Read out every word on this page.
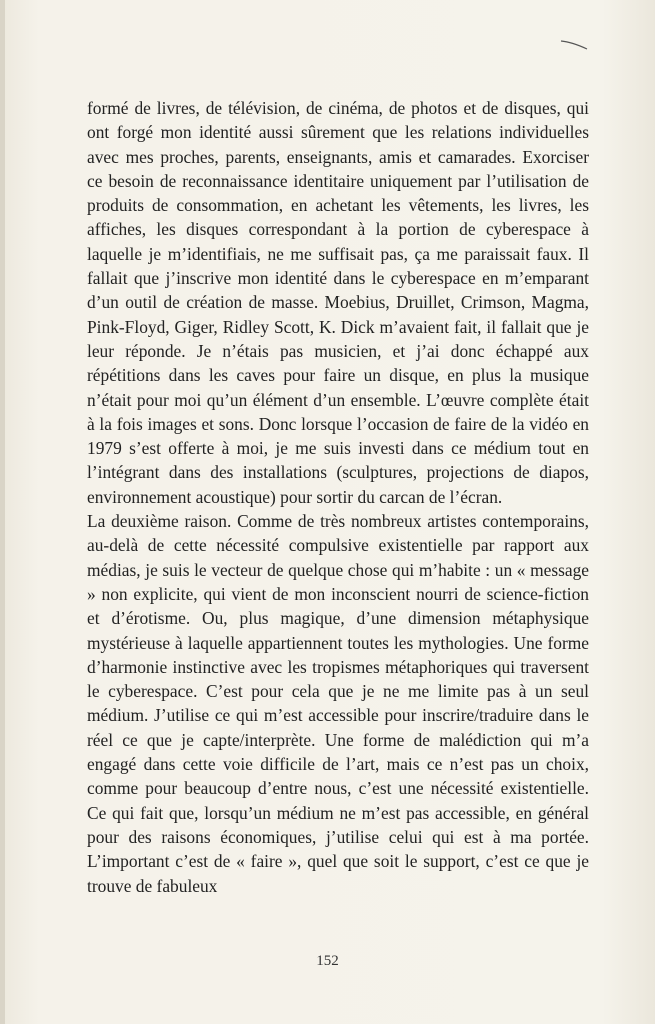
formé de livres, de télévision, de cinéma, de photos et de disques, qui ont forgé mon identité aussi sûrement que les relations individuelles avec mes proches, parents, enseignants, amis et camarades. Exorciser ce besoin de reconnaissance identitaire uniquement par l’utilisation de produits de consommation, en achetant les vêtements, les livres, les affiches, les disques correspondant à la portion de cyberespace à laquelle je m’identifiais, ne me suffisait pas, ça me paraissait faux. Il fallait que j’inscrive mon identité dans le cyberespace en m’emparant d’un outil de création de masse. Moebius, Druillet, Crimson, Magma, Pink-Floyd, Giger, Ridley Scott, K. Dick m’avaient fait, il fallait que je leur réponde. Je n’étais pas musicien, et j’ai donc échappé aux répétitions dans les caves pour faire un disque, en plus la musique n’était pour moi qu’un élément d’un ensemble. L’œuvre complète était à la fois images et sons. Donc lorsque l’occasion de faire de la vidéo en 1979 s’est offerte à moi, je me suis investi dans ce médium tout en l’intégrant dans des installations (sculptures, projections de diapos, environnement acoustique) pour sortir du carcan de l’écran.

La deuxième raison. Comme de très nombreux artistes contemporains, au-delà de cette nécessité compulsive existentielle par rapport aux médias, je suis le vecteur de quelque chose qui m’habite : un « message » non explicite, qui vient de mon inconscient nourri de science-fiction et d’érotisme. Ou, plus magique, d’une dimension métaphysique mystérieuse à laquelle appartiennent toutes les mythologies. Une forme d’harmonie instinctive avec les tropismes métaphoriques qui traversent le cyberespace. C’est pour cela que je ne me limite pas à un seul médium. J’utilise ce qui m’est accessible pour inscrire/traduire dans le réel ce que je capte/interprète. Une forme de malédiction qui m’a engagé dans cette voie difficile de l’art, mais ce n’est pas un choix, comme pour beaucoup d’entre nous, c’est une nécessité existentielle. Ce qui fait que, lorsqu’un médium ne m’est pas accessible, en général pour des raisons économiques, j’utilise celui qui est à ma portée. L’important c’est de « faire », quel que soit le support, c’est ce que je trouve de fabuleux

152
